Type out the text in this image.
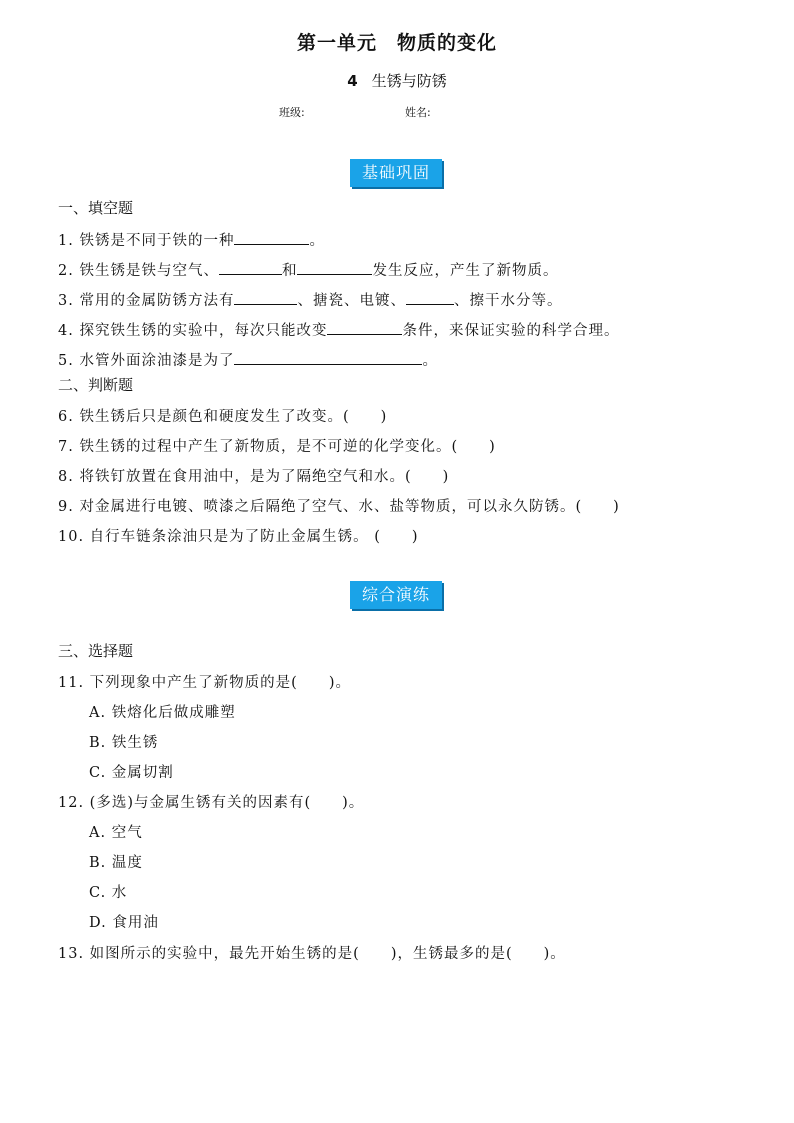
第一单元　物质的变化
4 生锈与防锈
班级:	姓名:
基础巩固
一、填空题
1. 铁锈是不同于铁的一种	。
2. 铁生锈是铁与空气、	和	发生反应，产生了新物质。
3. 常用的金属防锈方法有	、搪瓷、电镀、	、擦干水分等。
4. 探究铁生锈的实验中，每次只能改变	条件，来保证实验的科学合理。
5. 水管外面涂油漆是为了	。
二、判断题
6. 铁生锈后只是颜色和硬度发生了改变。(　　)
7. 铁生锈的过程中产生了新物质，是不可逆的化学变化。(　　)
8. 将铁钉放置在食用油中，是为了隔绝空气和水。(　　)
9. 对金属进行电镀、喷漆之后隔绝了空气、水、盐等物质，可以永久防锈。(　　)
10. 自行车链条涂油只是为了防止金属生锈。 (　　)
综合演练
三、选择题
11. 下列现象中产生了新物质的是(　　)。
A. 铁熔化后做成雕塑
B. 铁生锈
C. 金属切割
12. (多选)与金属生锈有关的因素有(　　)。
A. 空气
B. 温度
C. 水
D. 食用油
13. 如图所示的实验中，最先开始生锈的是(　　)，生锈最多的是(　　)。
